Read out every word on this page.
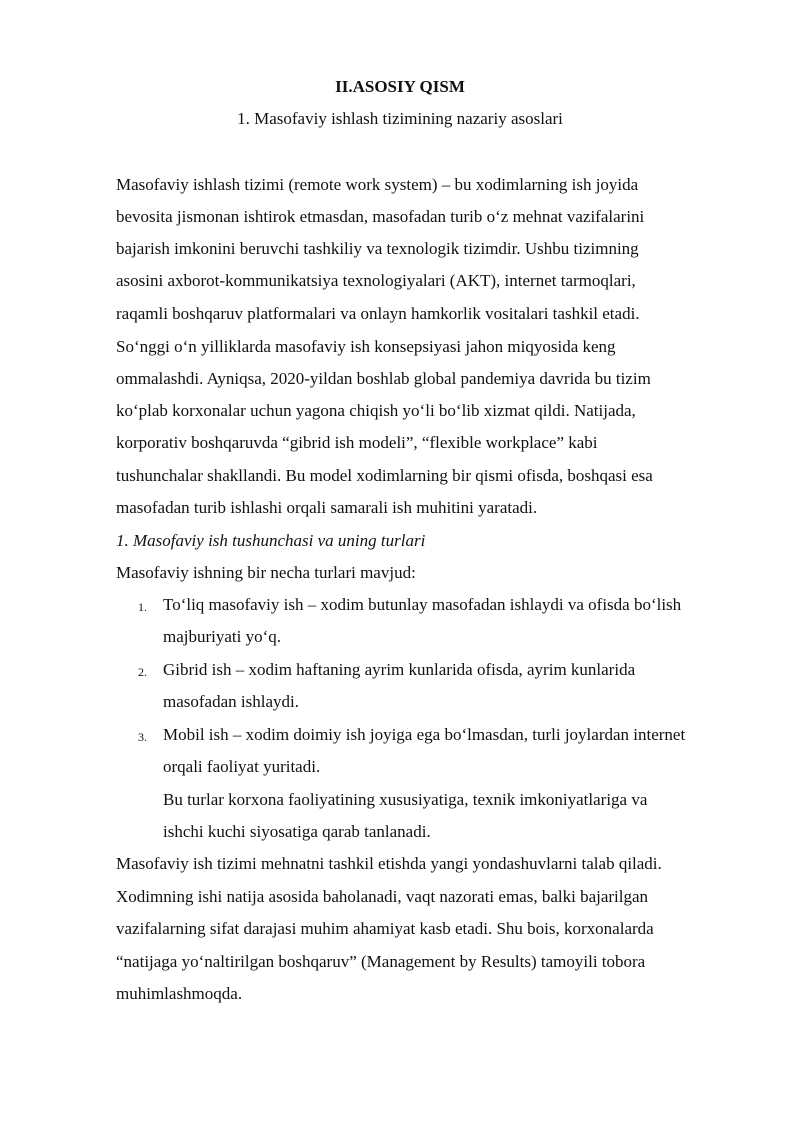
II.ASOSIY QISM
1. Masofaviy ishlash tizimining nazariy asoslari
Masofaviy ishlash tizimi (remote work system) – bu xodimlarning ish joyida
bevosita jismonan ishtirok etmasdan, masofadan turib o‘z mehnat vazifalarini
bajarish imkonini beruvchi tashkiliy va texnologik tizimdir. Ushbu tizimning
asosini axborot-kommunikatsiya texnologiyalari (AKT), internet tarmoqlari,
raqamli boshqaruv platformalari va onlayn hamkorlik vositalari tashkil etadi.
So‘nggi o‘n yilliklarda masofaviy ish konsepsiyasi jahon miqyosida keng
ommalashdi. Ayniqsa, 2020-yildan boshlab global pandemiya davrida bu tizim
ko‘plab korxonalar uchun yagona chiqish yo‘li bo‘lib xizmat qildi. Natijada,
korporativ boshqaruvda “gibrid ish modeli”, “flexible workplace” kabi
tushunchalar shakllandi. Bu model xodimlarning bir qismi ofisda, boshqasi esa
masofadan turib ishlashi orqali samarali ish muhitini yaratadi.
1. Masofaviy ish tushunchasi va uning turlari
Masofaviy ishning bir necha turlari mavjud:
1. To‘liq masofaviy ish – xodim butunlay masofadan ishlaydi va ofisda bo‘lish
majburiyati yo‘q.
2. Gibrid ish – xodim haftaning ayrim kunlarida ofisda, ayrim kunlarida
masofadan ishlaydi.
3. Mobil ish – xodim doimiy ish joyiga ega bo‘lmasdan, turli joylardan internet
orqali faoliyat yuritadi.
Bu turlar korxona faoliyatining xususiyatiga, texnik imkoniyatlariga va
ishchi kuchi siyosatiga qarab tanlanadi.
Masofaviy ish tizimi mehnatni tashkil etishda yangi yondashuvlarni talab qiladi.
Xodimning ishi natija asosida baholanadi, vaqt nazorati emas, balki bajarilgan
vazifalarning sifat darajasi muhim ahamiyat kasb etadi. Shu bois, korxonalarda
“natijaga yo‘naltirilgan boshqaruv” (Management by Results) tamoyili tobora
muhimlashmoqda.
